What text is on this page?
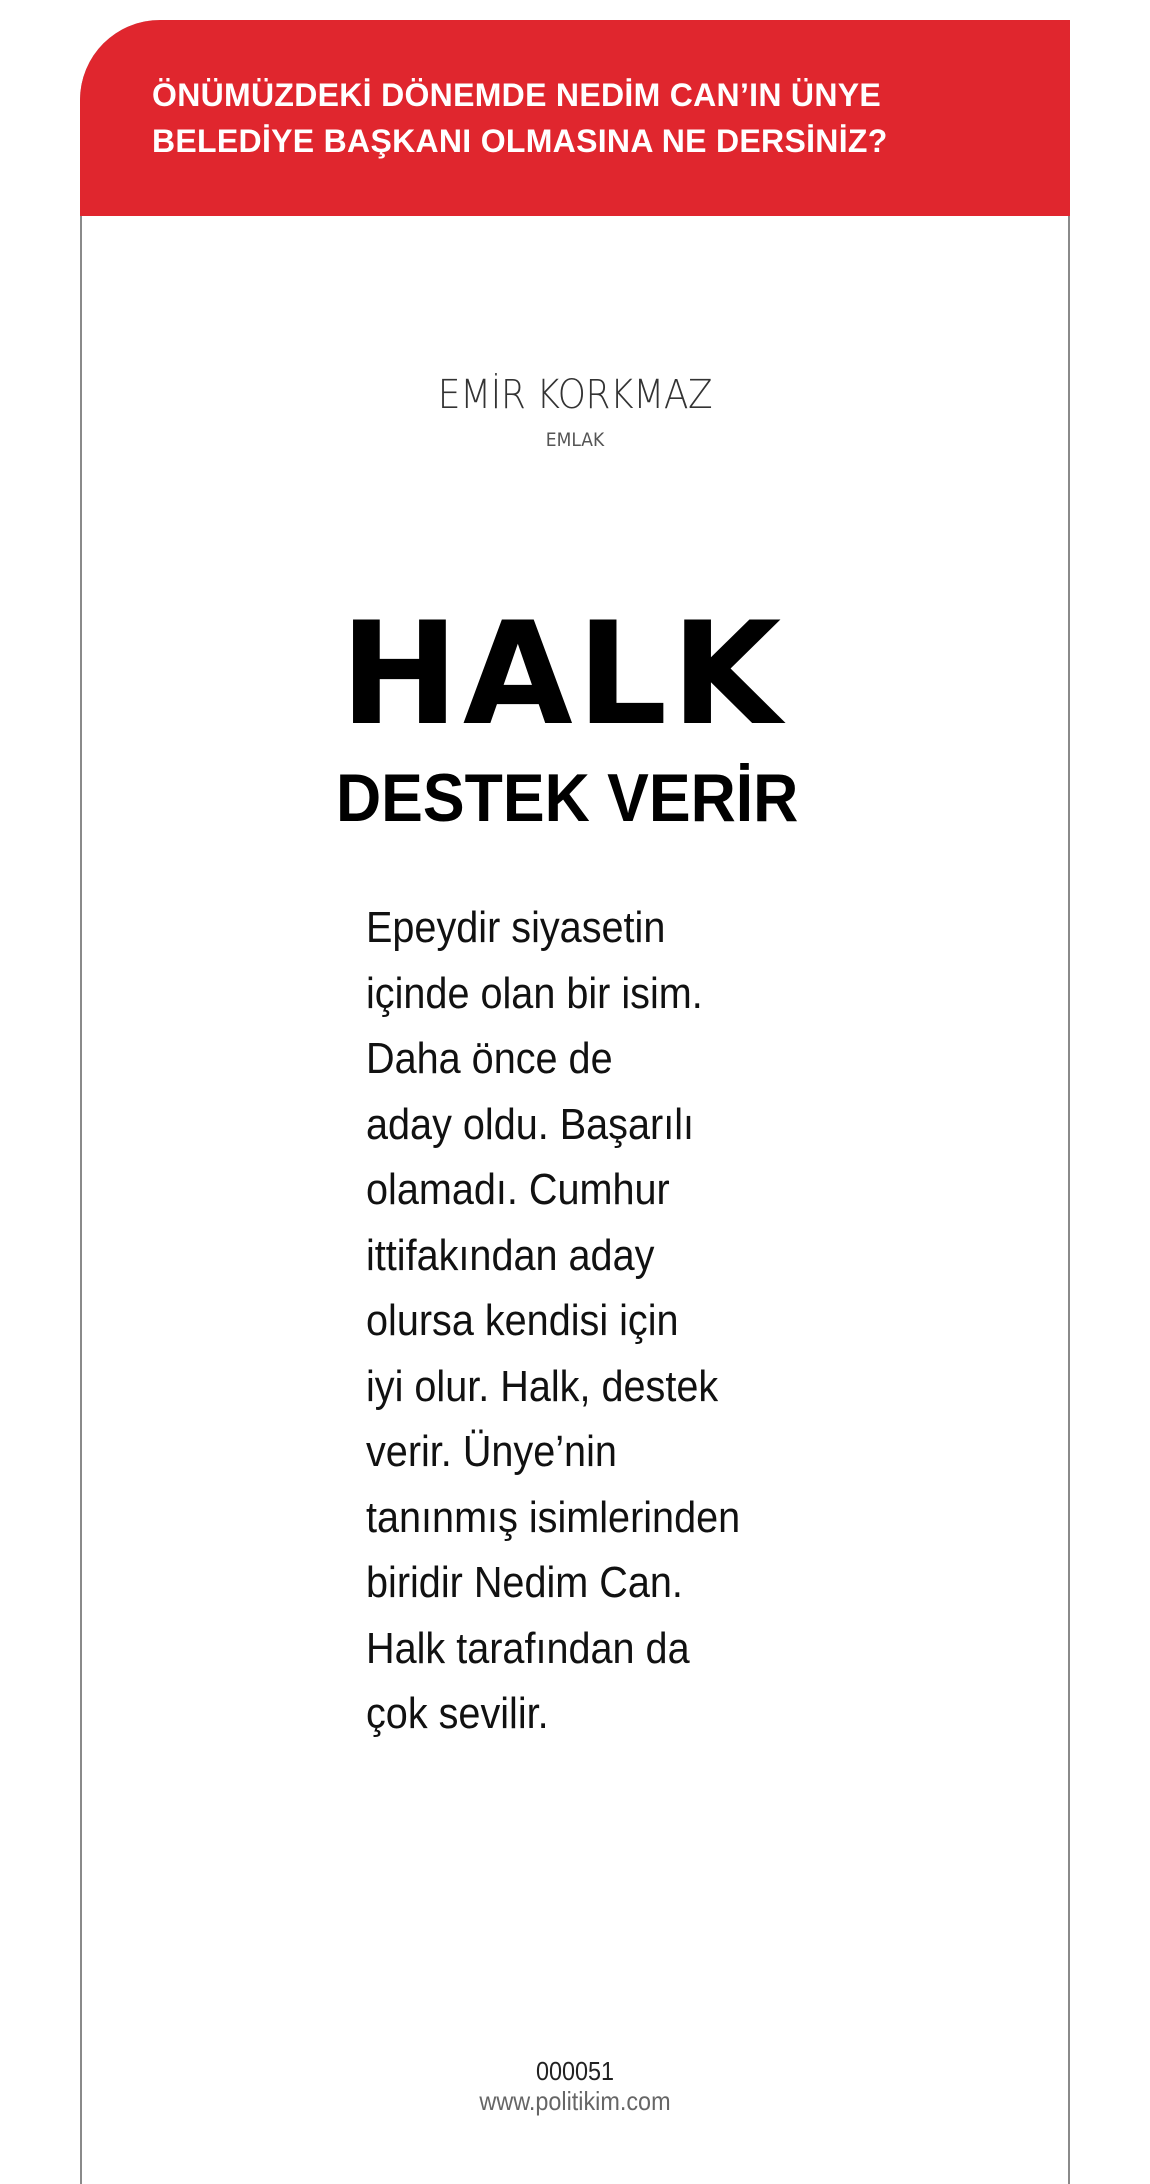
ÖNÜMÜZDEKİ DÖNEMDE NEDİM CAN’IN ÜNYE
BELEDİYE BAŞKANI OLMASINA NE DERSİNİZ?
EMİR KORKMAZ
EMLAK
HALK
DESTEK VERİR

Epeydir siyasetin
içinde olan bir isim.
Daha önce de
aday oldu. Başarılı
olamadı. Cumhur
ittifakından aday
olursa kendisi için
iyi olur. Halk, destek
verir. Ünye’nin
tanınmış isimlerinden
biridir Nedim Can.
Halk tarafından da
çok sevilir.

000051
www.politikim.com
